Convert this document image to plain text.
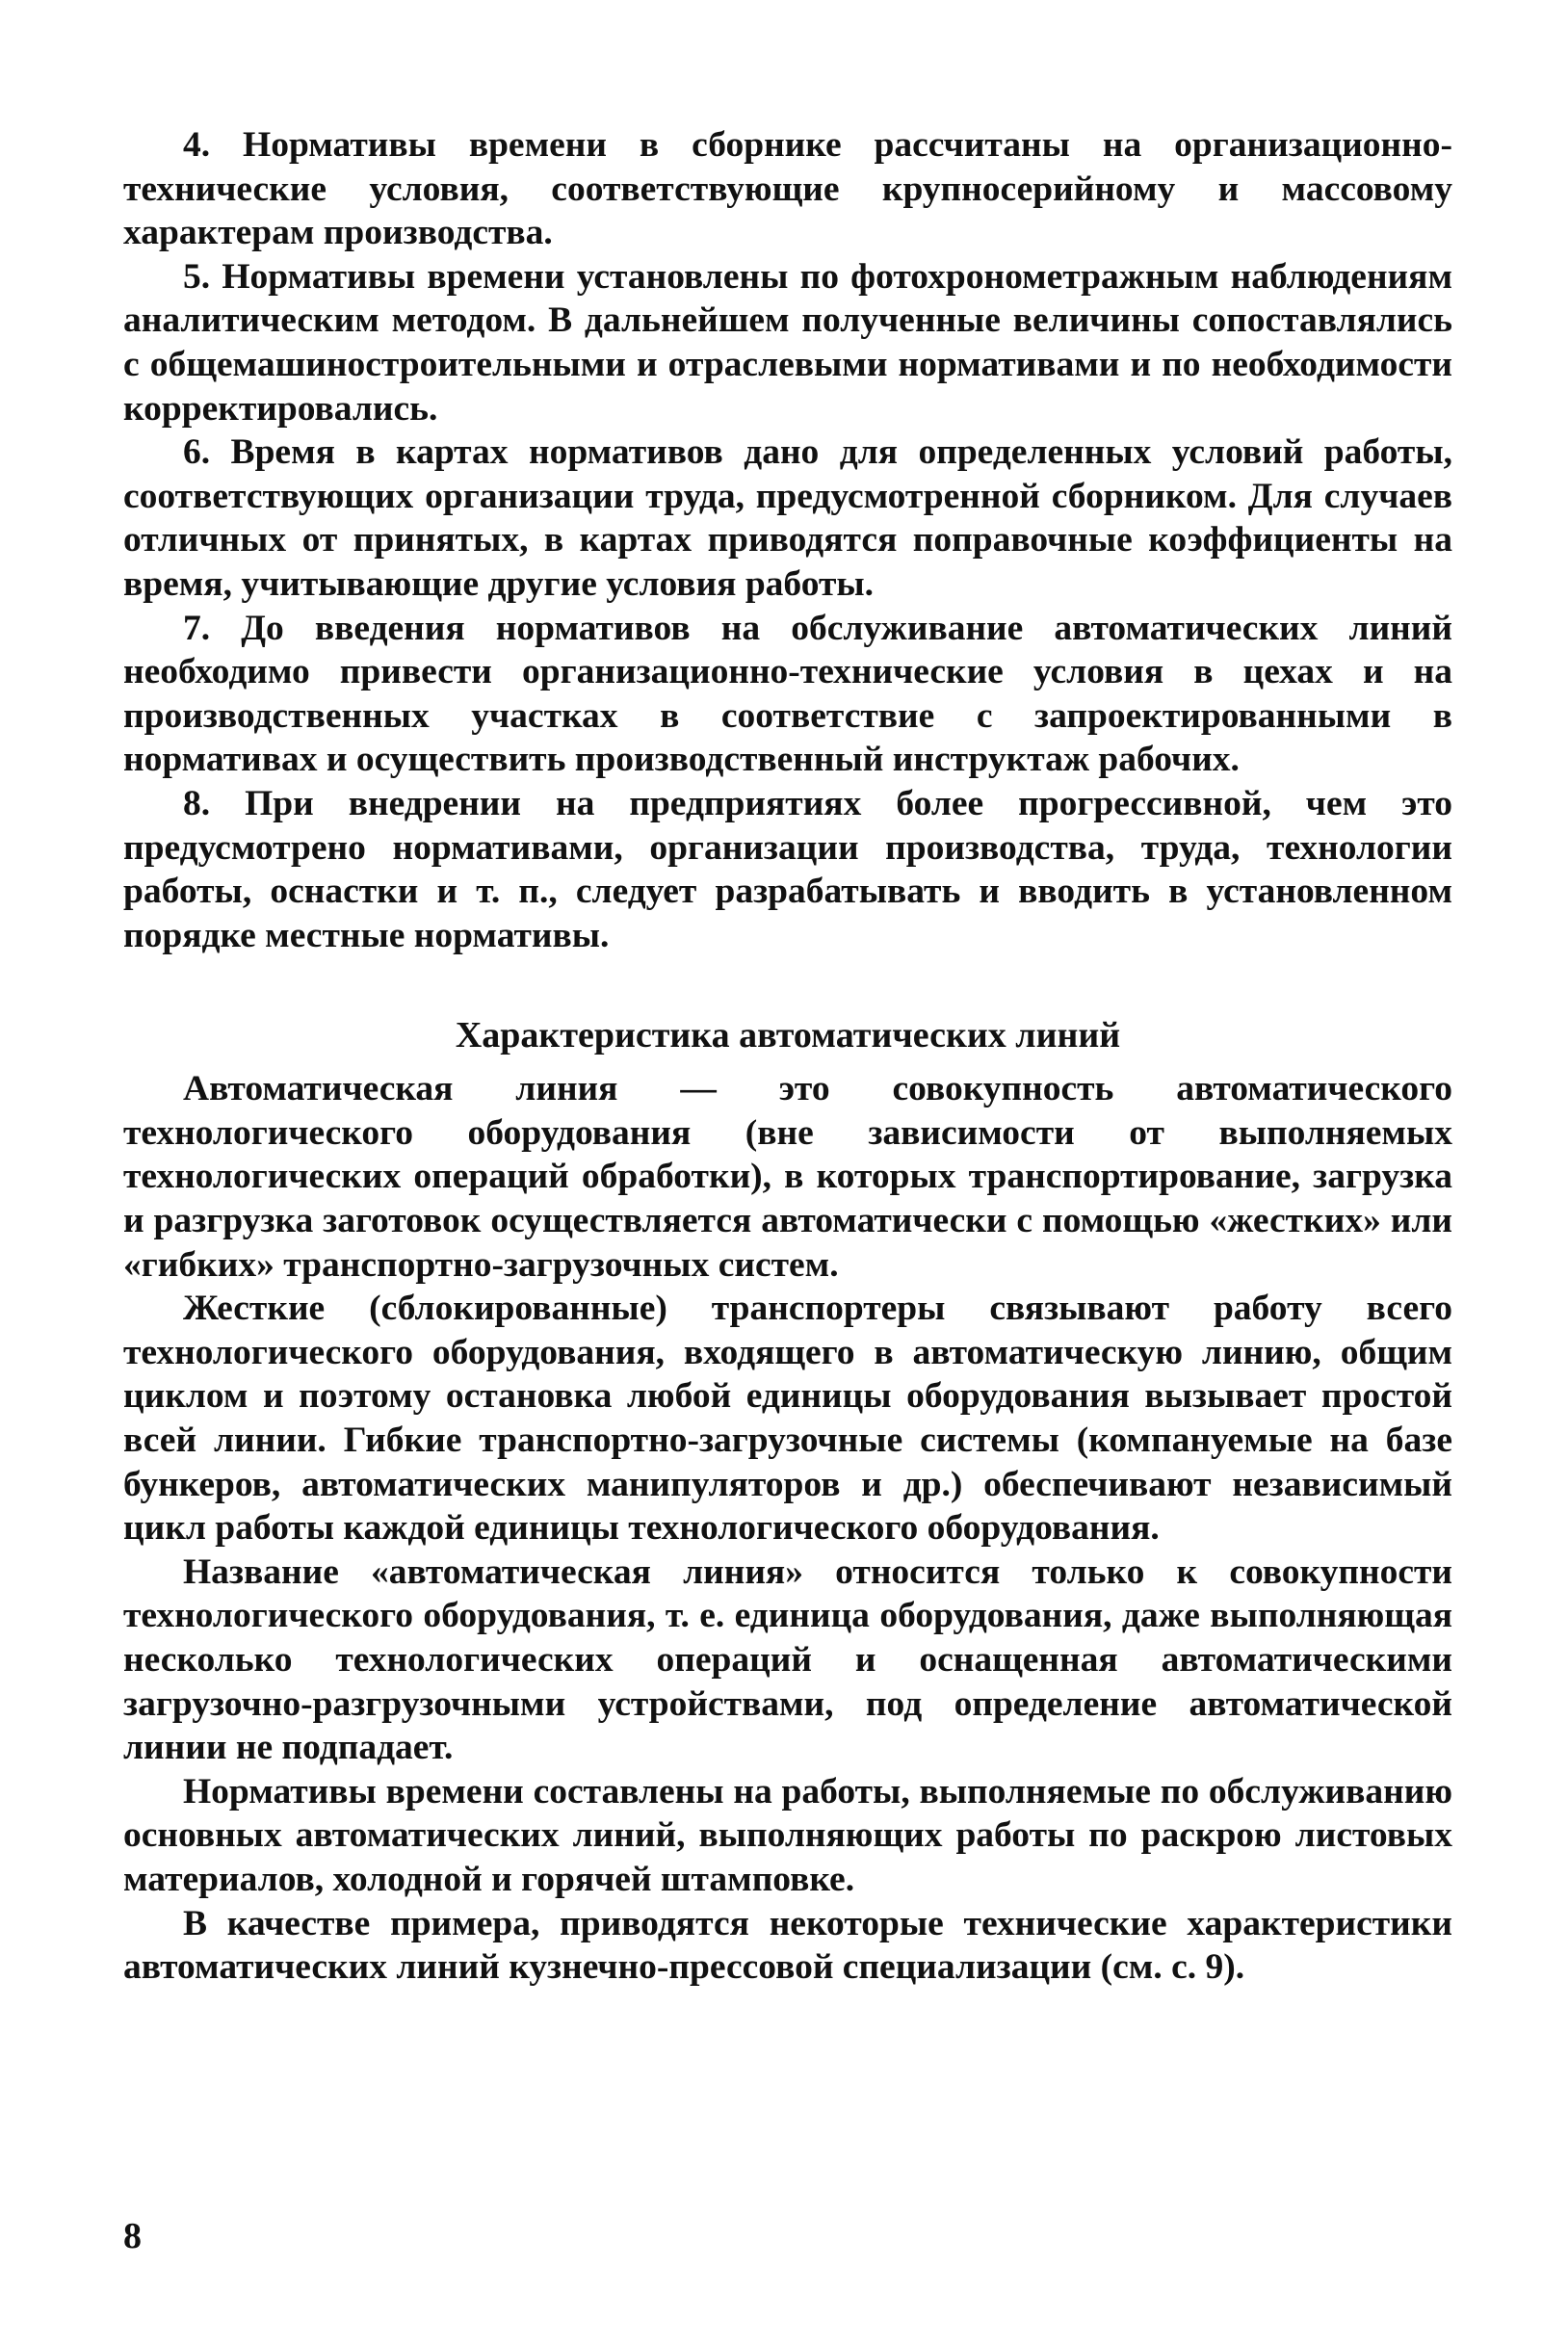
4. Нормативы времени в сборнике рассчитаны на организационно-технические условия, соответствующие крупносерийному и массовому характерам производства.

5. Нормативы времени установлены по фотохронометражным наблюдениям аналитическим методом. В дальнейшем полученные величины сопоставлялись с общемашиностроительными и отраслевыми нормативами и по необходимости корректировались.

6. Время в картах нормативов дано для определенных условий работы, соответствующих организации труда, предусмотренной сборником. Для случаев отличных от принятых, в картах приводятся поправочные коэффициенты на время, учитывающие другие условия работы.

7. До введения нормативов на обслуживание автоматических линий необходимо привести организационно-технические условия в цехах и на производственных участках в соответствие с запроектированными в нормативах и осуществить производственный инструктаж рабочих.

8. При внедрении на предприятиях более прогрессивной, чем это предусмотрено нормативами, организации производства, труда, технологии работы, оснастки и т. п., следует разрабатывать и вводить в установленном порядке местные нормативы.

Характеристика автоматических линий

Автоматическая линия — это совокупность автоматического технологического оборудования (вне зависимости от выполняемых технологических операций обработки), в которых транспортирование, загрузка и разгрузка заготовок осуществляется автоматически с помощью «жестких» или «гибких» транспортно-загрузочных систем.

Жесткие (сблокированные) транспортеры связывают работу всего технологического оборудования, входящего в автоматическую линию, общим циклом и поэтому остановка любой единицы оборудования вызывает простой всей линии. Гибкие транспортно-загрузочные системы (компануемые на базе бункеров, автоматических манипуляторов и др.) обеспечивают независимый цикл работы каждой единицы технологического оборудования.

Название «автоматическая линия» относится только к совокупности технологического оборудования, т. е. единица оборудования, даже выполняющая несколько технологических операций и оснащенная автоматическими загрузочно-разгрузочными устройствами, под определение автоматической линии не подпадает.

Нормативы времени составлены на работы, выполняемые по обслуживанию основных автоматических линий, выполняющих работы по раскрою листовых материалов, холодной и горячей штамповке.

В качестве примера, приводятся некоторые технические характеристики автоматических линий кузнечно-прессовой специализации (см. с. 9).

8
